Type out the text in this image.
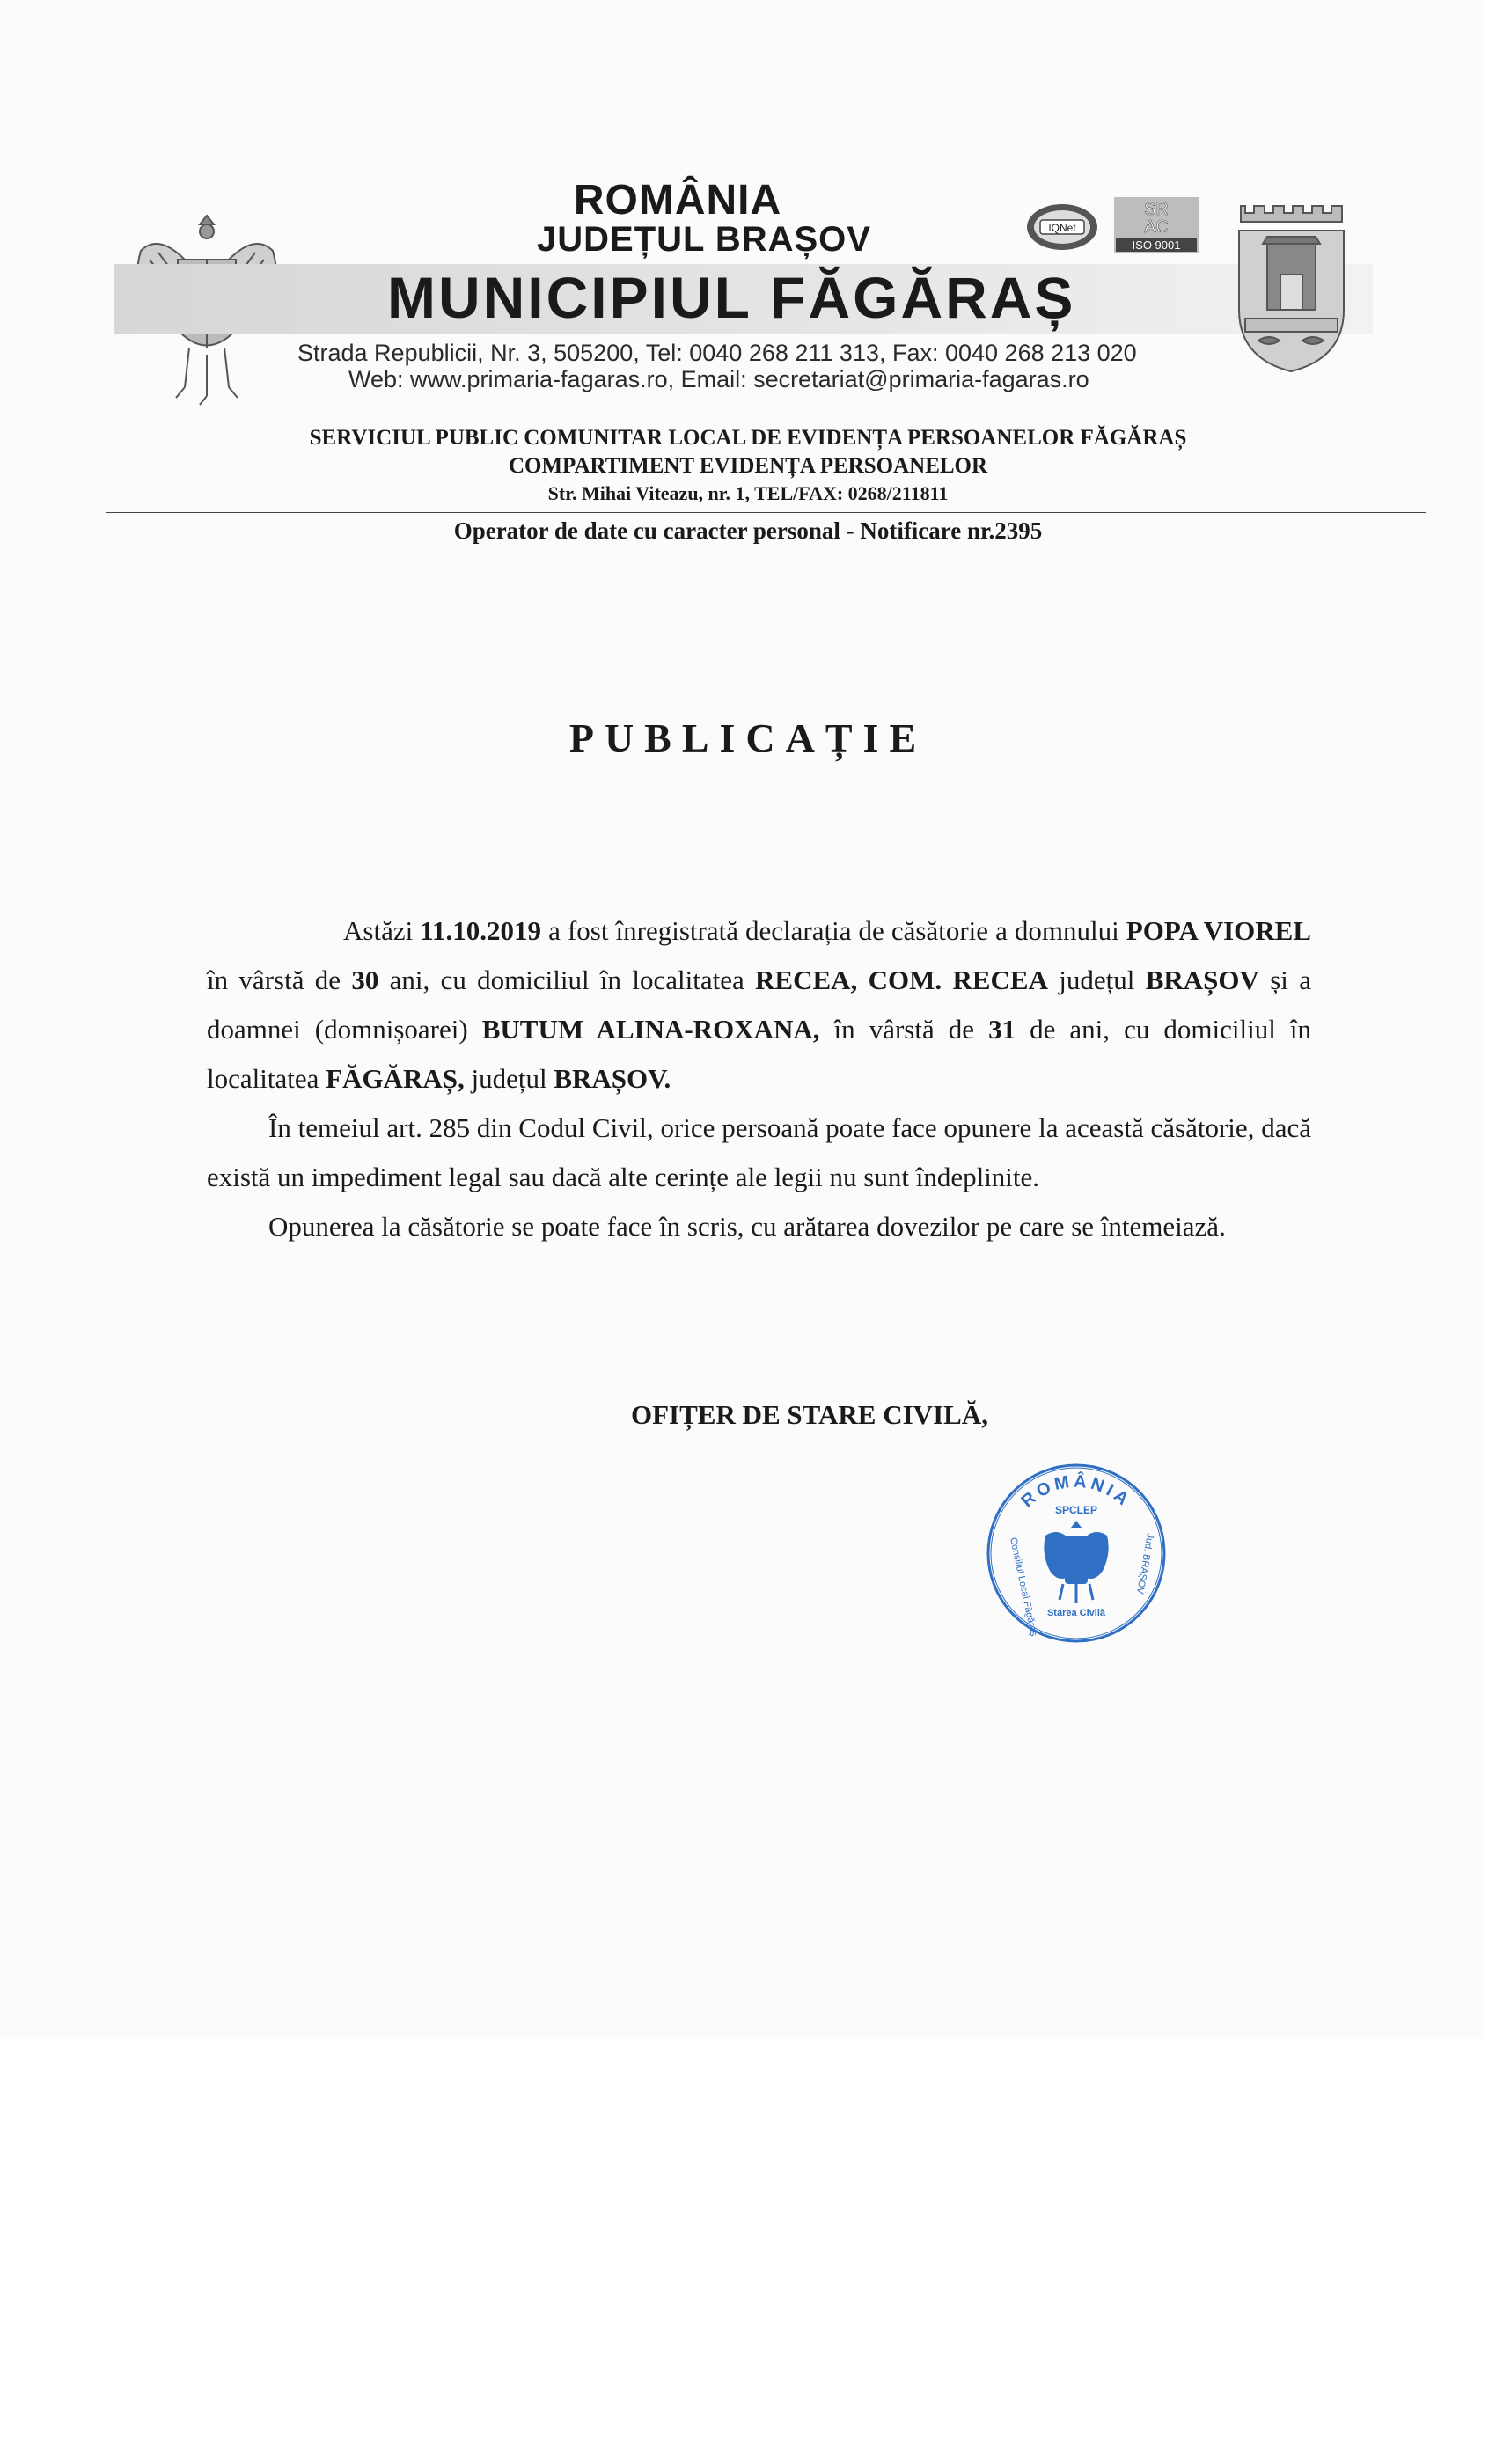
ROMÂNIA
JUDEȚUL BRAȘOV
MUNICIPIUL FĂGĂRAȘ
Strada Republicii, Nr. 3, 505200, Tel: 0040 268 211 313, Fax: 0040 268 213 020
Web: www.primaria-fagaras.ro, Email: secretariat@primaria-fagaras.ro
IQNet
SR
AC
ISO 9001
SERVICIUL PUBLIC COMUNITAR LOCAL DE EVIDENȚA PERSOANELOR FĂGĂRAȘ
COMPARTIMENT EVIDENȚA PERSOANELOR
Str. Mihai Viteazu, nr. 1, TEL/FAX: 0268/211811
Operator de date cu caracter personal - Notificare nr.2395
PUBLICAȚIE

Astăzi 11.10.2019 a fost înregistrată declarația de căsătorie a domnului POPA VIOREL în vârstă de 30 ani, cu domiciliul în localitatea RECEA, COM. RECEA județul BRAȘOV și a doamnei (domnișoarei) BUTUM ALINA-ROXANA, în vârstă de 31 de ani, cu domiciliul în localitatea FĂGĂRAȘ, județul BRAȘOV.

În temeiul art. 285 din Codul Civil, orice persoană poate face opunere la această căsătorie, dacă există un impediment legal sau dacă alte cerințe ale legii nu sunt îndeplinite.

Opunerea la căsătorie se poate face în scris, cu arătarea dovezilor pe care se întemeiază.

OFIȚER DE STARE CIVILĂ,
ROMÂNIA
SPCLEP
Starea Civilă
Consiliul Local Făgăraș	Jud. BRAȘOV
